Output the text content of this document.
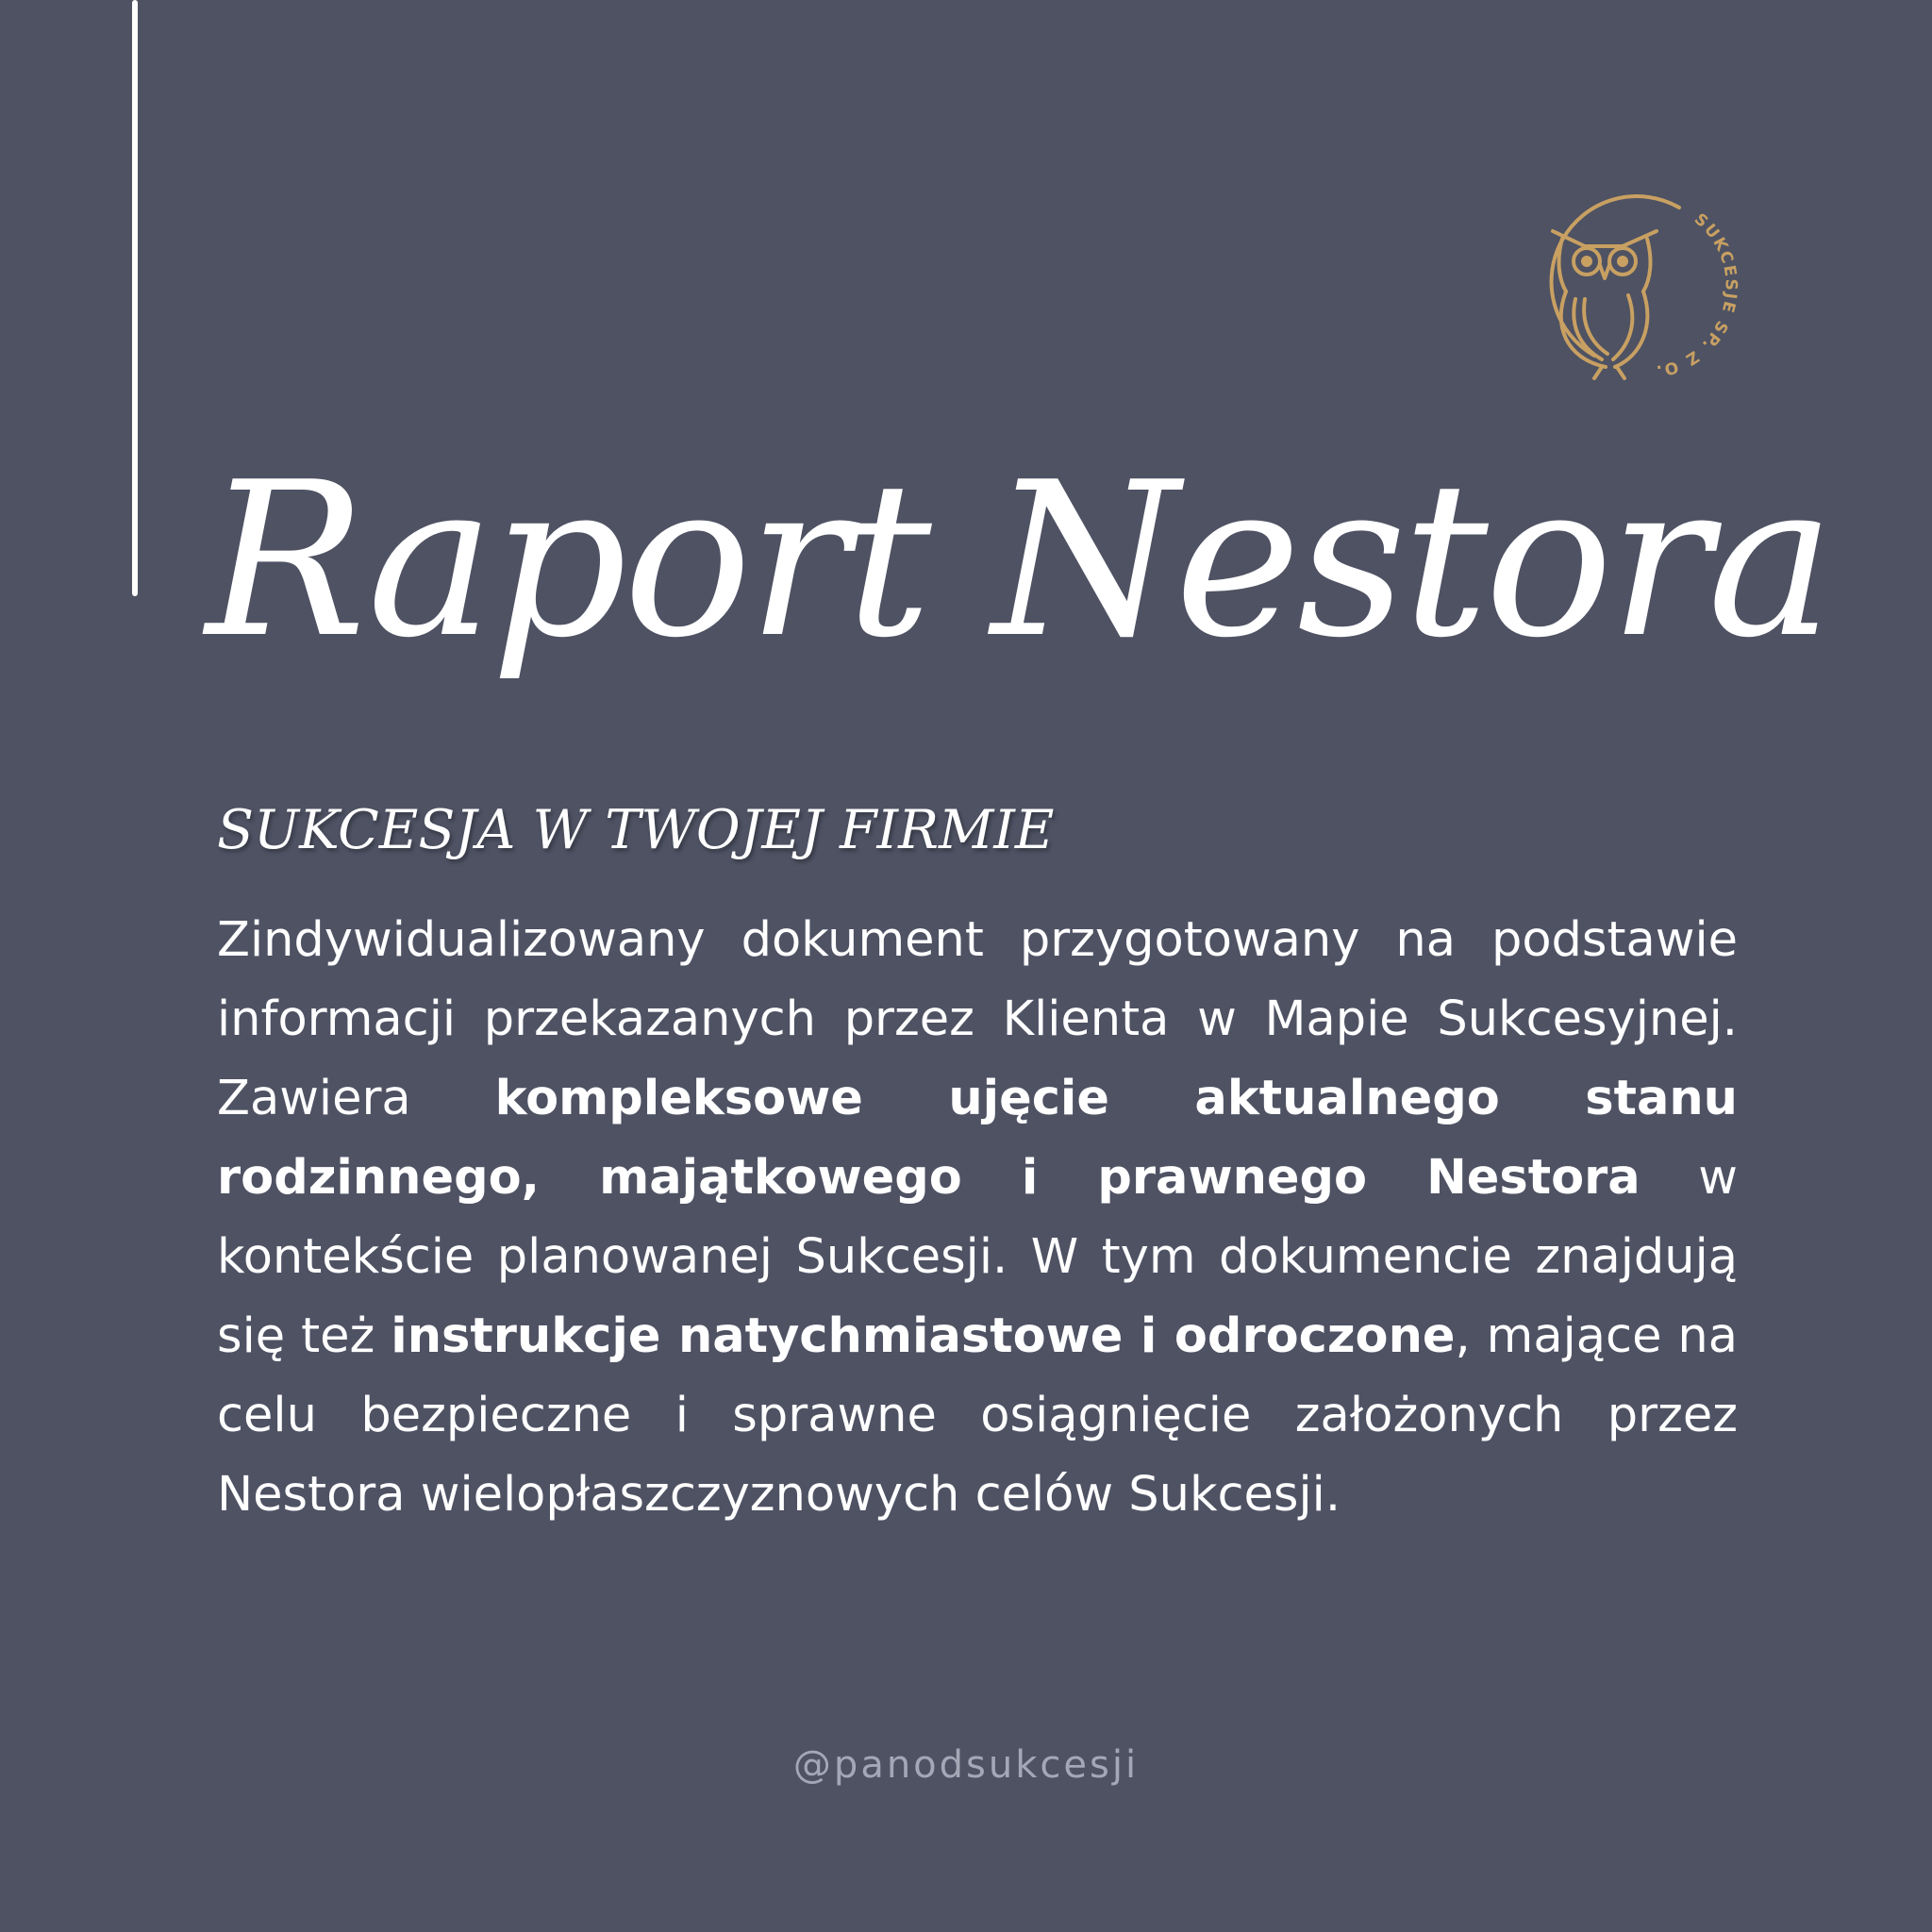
SUKCESJE SP. Z O.O.
Raport Nestora
SUKCESJA W TWOJEJ FIRMIE

Zindywidualizowany dokument przygotowany na podstawie informacji przekazanych przez Klienta w Mapie Sukcesyjnej. Zawiera kompleksowe ujęcie aktualnego stanu rodzinnego, majątkowego i prawnego Nestora w kontekście planowanej Sukcesji. W tym dokumencie znajdują się też instrukcje natychmiastowe i odroczone, mające na celu bezpieczne i sprawne osiągnięcie założonych przez Nestora wielopłaszczyznowych celów Sukcesji.

@panodsukcesji
